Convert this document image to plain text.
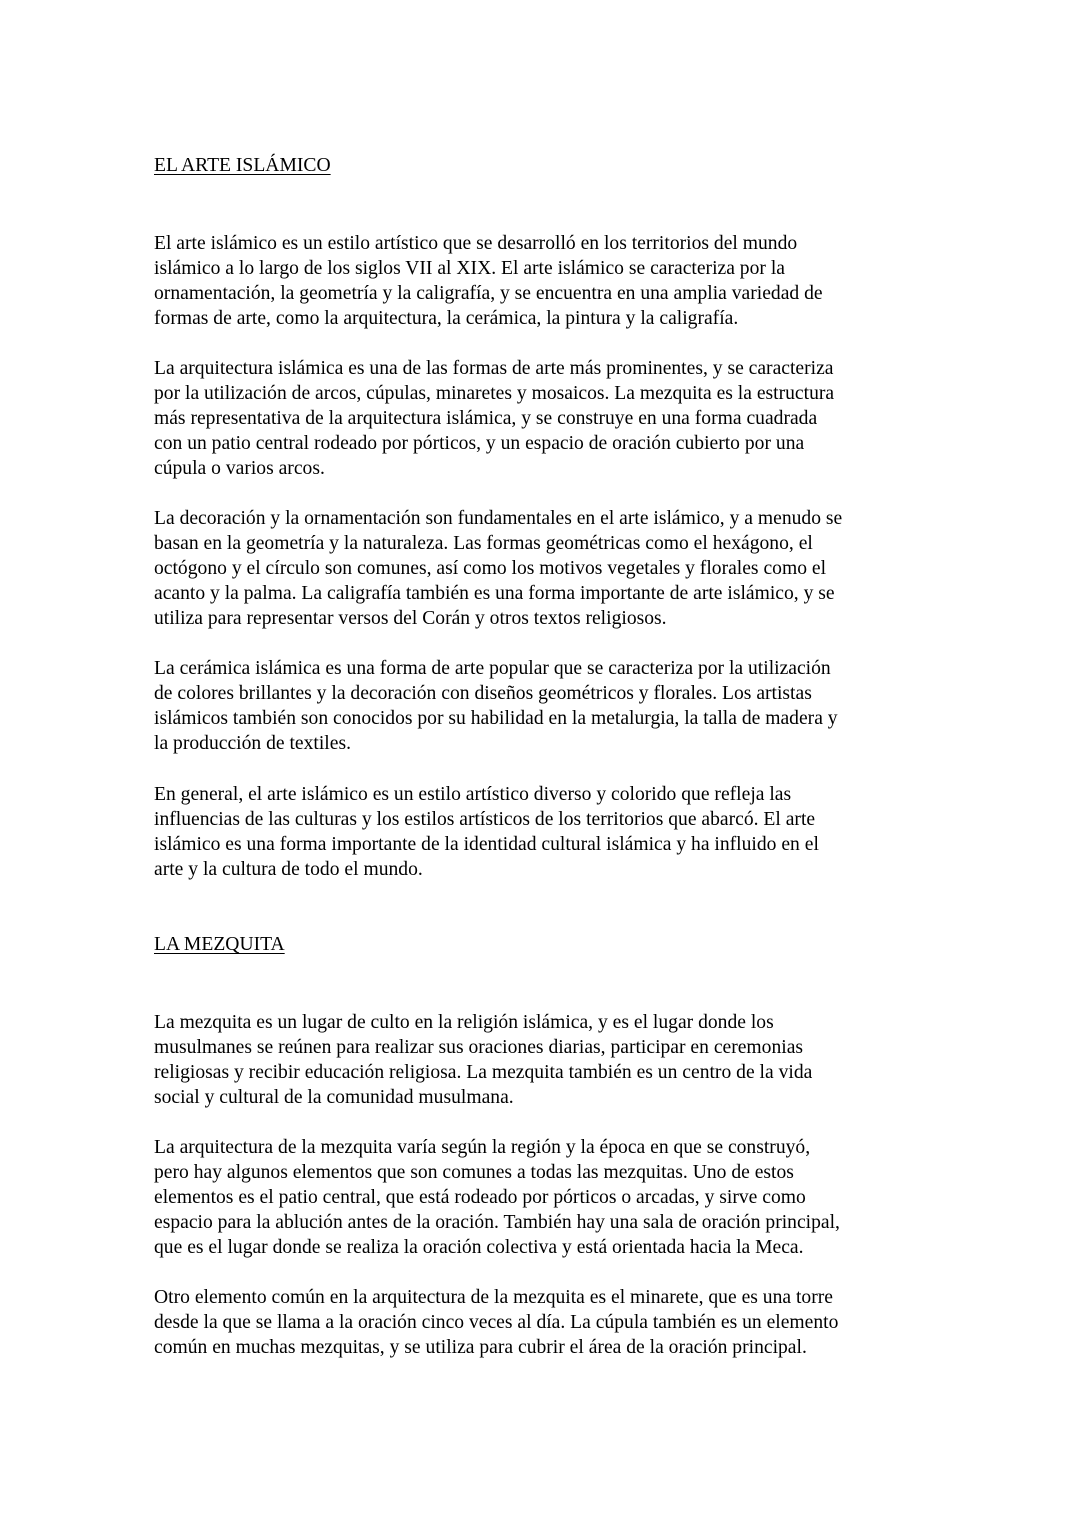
EL ARTE ISLÁMICO

El arte islámico es un estilo artístico que se desarrolló en los territorios del mundo
islámico a lo largo de los siglos VII al XIX. El arte islámico se caracteriza por la
ornamentación, la geometría y la caligrafía, y se encuentra en una amplia variedad de
formas de arte, como la arquitectura, la cerámica, la pintura y la caligrafía.

La arquitectura islámica es una de las formas de arte más prominentes, y se caracteriza
por la utilización de arcos, cúpulas, minaretes y mosaicos. La mezquita es la estructura
más representativa de la arquitectura islámica, y se construye en una forma cuadrada
con un patio central rodeado por pórticos, y un espacio de oración cubierto por una
cúpula o varios arcos.

La decoración y la ornamentación son fundamentales en el arte islámico, y a menudo se
basan en la geometría y la naturaleza. Las formas geométricas como el hexágono, el
octógono y el círculo son comunes, así como los motivos vegetales y florales como el
acanto y la palma. La caligrafía también es una forma importante de arte islámico, y se
utiliza para representar versos del Corán y otros textos religiosos.

La cerámica islámica es una forma de arte popular que se caracteriza por la utilización
de colores brillantes y la decoración con diseños geométricos y florales. Los artistas
islámicos también son conocidos por su habilidad en la metalurgia, la talla de madera y
la producción de textiles.

En general, el arte islámico es un estilo artístico diverso y colorido que refleja las
influencias de las culturas y los estilos artísticos de los territorios que abarcó. El arte
islámico es una forma importante de la identidad cultural islámica y ha influido en el
arte y la cultura de todo el mundo.

LA MEZQUITA

La mezquita es un lugar de culto en la religión islámica, y es el lugar donde los
musulmanes se reúnen para realizar sus oraciones diarias, participar en ceremonias
religiosas y recibir educación religiosa. La mezquita también es un centro de la vida
social y cultural de la comunidad musulmana.

La arquitectura de la mezquita varía según la región y la época en que se construyó,
pero hay algunos elementos que son comunes a todas las mezquitas. Uno de estos
elementos es el patio central, que está rodeado por pórticos o arcadas, y sirve como
espacio para la ablución antes de la oración. También hay una sala de oración principal,
que es el lugar donde se realiza la oración colectiva y está orientada hacia la Meca.

Otro elemento común en la arquitectura de la mezquita es el minarete, que es una torre
desde la que se llama a la oración cinco veces al día. La cúpula también es un elemento
común en muchas mezquitas, y se utiliza para cubrir el área de la oración principal.
